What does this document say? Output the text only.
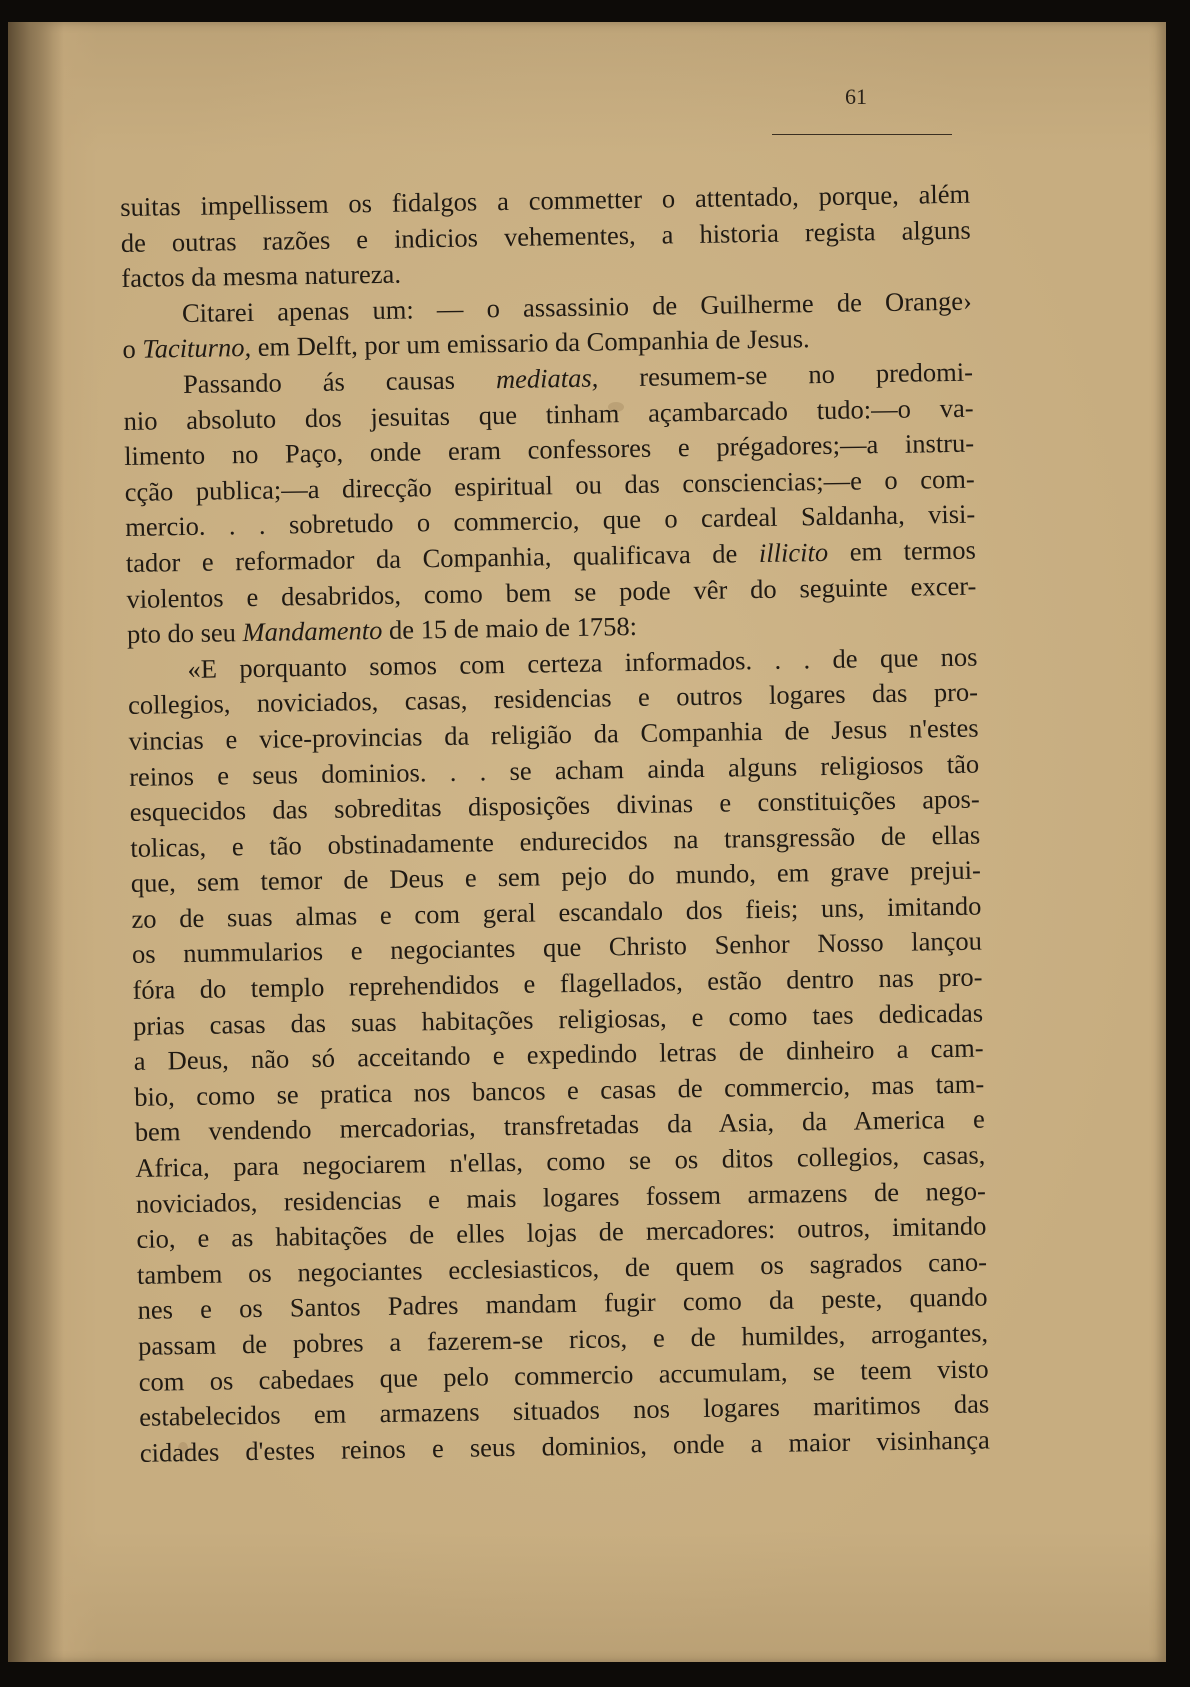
61
suitas impellissem os fidalgos a commetter o attentado, porque, além
de outras razões e indicios vehementes, a historia regista alguns
factos da mesma natureza.
Citarei apenas um: — o assassinio de Guilherme de Orange›
o Taciturno, em Delft, por um emissario da Companhia de Jesus.
Passando ás causas mediatas, resumem-se no predomi-
nio absoluto dos jesuitas que tinham açambarcado tudo:—o va-
limento no Paço, onde eram confessores e prégadores;—a instru-
cção publica;—a direcção espiritual ou das consciencias;—e o com-
mercio. . . sobretudo o commercio, que o cardeal Saldanha, visi-
tador e reformador da Companhia, qualificava de illicito em termos
violentos e desabridos, como bem se pode vêr do seguinte excer-
pto do seu Mandamento de 15 de maio de 1758:
«E porquanto somos com certeza informados. . . de que nos
collegios, noviciados, casas, residencias e outros logares das pro-
vincias e vice-provincias da religião da Companhia de Jesus n'estes
reinos e seus dominios. . . se acham ainda alguns religiosos tão
esquecidos das sobreditas disposições divinas e constituições apos-
tolicas, e tão obstinadamente endurecidos na transgressão de ellas
que, sem temor de Deus e sem pejo do mundo, em grave prejui-
zo de suas almas e com geral escandalo dos fieis; uns, imitando
os nummularios e negociantes que Christo Senhor Nosso lançou
fóra do templo reprehendidos e flagellados, estão dentro nas pro-
prias casas das suas habitações religiosas, e como taes dedicadas
a Deus, não só acceitando e expedindo letras de dinheiro a cam-
bio, como se pratica nos bancos e casas de commercio, mas tam-
bem vendendo mercadorias, transfretadas da Asia, da America e
Africa, para negociarem n'ellas, como se os ditos collegios, casas,
noviciados, residencias e mais logares fossem armazens de nego-
cio, e as habitações de elles lojas de mercadores: outros, imitando
tambem os negociantes ecclesiasticos, de quem os sagrados cano-
nes e os Santos Padres mandam fugir como da peste, quando
passam de pobres a fazerem-se ricos, e de humildes, arrogantes,
com os cabedaes que pelo commercio accumulam, se teem visto
estabelecidos em armazens situados nos logares maritimos das
cidades d'estes reinos e seus dominios, onde a maior visinhança
